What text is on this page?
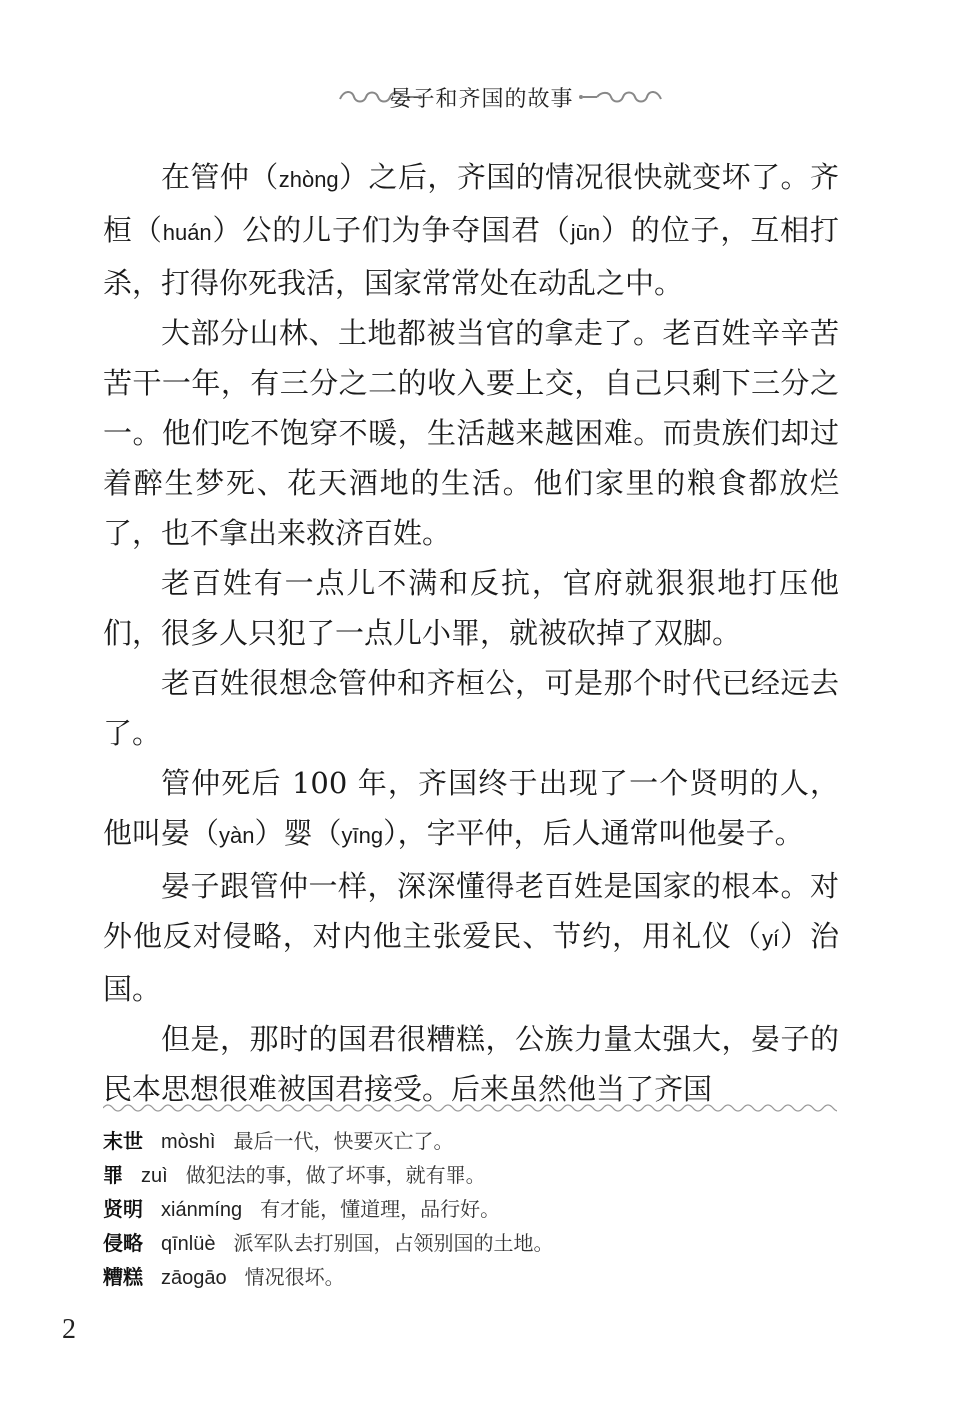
晏子和齐国的故事

在管仲（zhòng）之后，齐国的情况很快就变坏了。齐桓（huán）公的儿子们为争夺国君（jūn）的位子，互相打杀，打得你死我活，国家常常处在动乱之中。

大部分山林、土地都被当官的拿走了。老百姓辛辛苦苦干一年，有三分之二的收入要上交，自己只剩下三分之一。他们吃不饱穿不暖，生活越来越困难。而贵族们却过着醉生梦死、花天酒地的生活。他们家里的粮食都放烂了，也不拿出来救济百姓。

老百姓有一点儿不满和反抗，官府就狠狠地打压他们，很多人只犯了一点儿小罪，就被砍掉了双脚。

老百姓很想念管仲和齐桓公，可是那个时代已经远去了。

管仲死后 100 年，齐国终于出现了一个贤明的人，他叫晏（yàn）婴（yīng），字平仲，后人通常叫他晏子。

晏子跟管仲一样，深深懂得老百姓是国家的根本。对外他反对侵略，对内他主张爱民、节约，用礼仪（yí）治国。

但是，那时的国君很糟糕，公族力量太强大，晏子的民本思想很难被国君接受。后来虽然他当了齐国

末世 mòshì 最后一代，快要灭亡了。
罪 zuì 做犯法的事，做了坏事，就有罪。
贤明 xiánmíng 有才能，懂道理，品行好。
侵略 qīnlüè 派军队去打别国，占领别国的土地。
糟糕 zāogāo 情况很坏。
2
